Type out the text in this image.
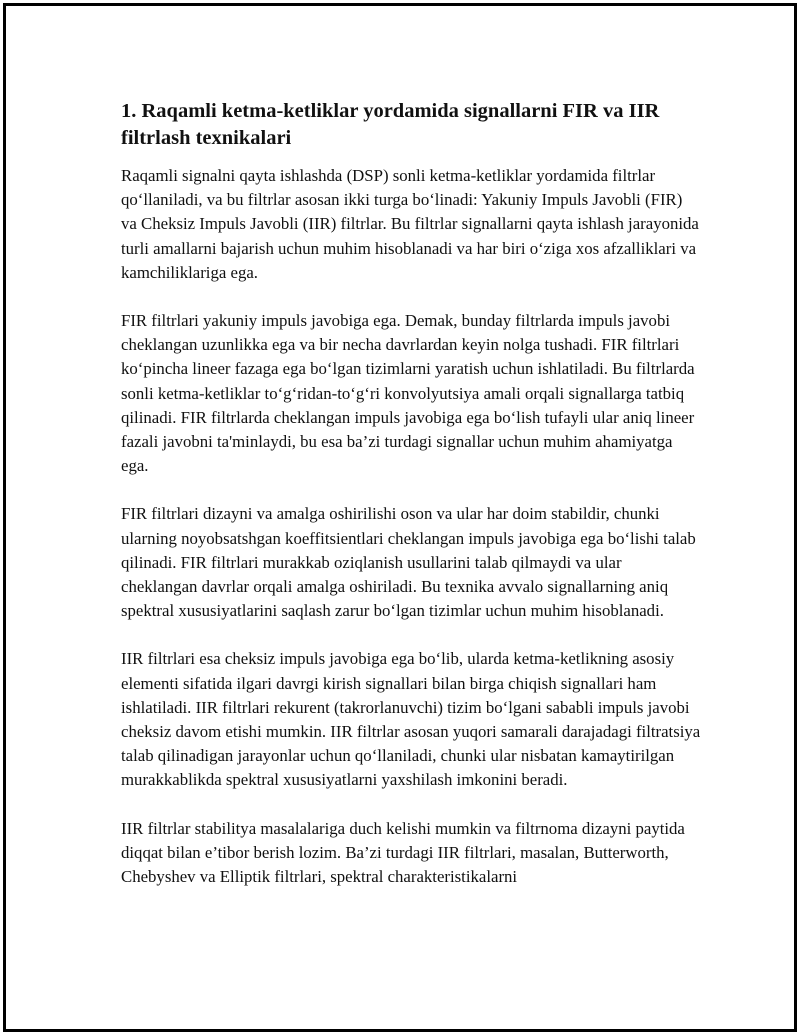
1. Raqamli ketma-ketliklar yordamida signallarni FIR va IIR filtrlash texnikalari

Raqamli signalni qayta ishlashda (DSP) sonli ketma-ketliklar yordamida filtrlar qo‘llaniladi, va bu filtrlar asosan ikki turga bo‘linadi: Yakuniy Impuls Javobli (FIR) va Cheksiz Impuls Javobli (IIR) filtrlar. Bu filtrlar signallarni qayta ishlash jarayonida turli amallarni bajarish uchun muhim hisoblanadi va har biri o‘ziga xos afzalliklari va kamchiliklariga ega.

FIR filtrlari yakuniy impuls javobiga ega. Demak, bunday filtrlarda impuls javobi cheklangan uzunlikka ega va bir necha davrlardan keyin nolga tushadi. FIR filtrlari ko‘pincha lineer fazaga ega bo‘lgan tizimlarni yaratish uchun ishlatiladi. Bu filtrlarda sonli ketma-ketliklar to‘g‘ridan-to‘g‘ri konvolyutsiya amali orqali signallarga tatbiq qilinadi. FIR filtrlarda cheklangan impuls javobiga ega bo‘lish tufayli ular aniq lineer fazali javobni ta'minlaydi, bu esa ba’zi turdagi signallar uchun muhim ahamiyatga ega.

FIR filtrlari dizayni va amalga oshirilishi oson va ular har doim stabildir, chunki ularning noyobsatshgan koeffitsientlari cheklangan impuls javobiga ega bo‘lishi talab qilinadi. FIR filtrlari murakkab oziqlanish usullarini talab qilmaydi va ular cheklangan davrlar orqali amalga oshiriladi. Bu texnika avvalo signallarning aniq spektral xususiyatlarini saqlash zarur bo‘lgan tizimlar uchun muhim hisoblanadi.

IIR filtrlari esa cheksiz impuls javobiga ega bo‘lib, ularda ketma-ketlikning asosiy elementi sifatida ilgari davrgi kirish signallari bilan birga chiqish signallari ham ishlatiladi. IIR filtrlari rekurent (takrorlanuvchi) tizim bo‘lgani sababli impuls javobi cheksiz davom etishi mumkin. IIR filtrlar asosan yuqori samarali darajadagi filtratsiya talab qilinadigan jarayonlar uchun qo‘llaniladi, chunki ular nisbatan kamaytirilgan murakkablikda spektral xususiyatlarni yaxshilash imkonini beradi.

IIR filtrlar stabilitya masalalariga duch kelishi mumkin va filtrnoma dizayni paytida diqqat bilan e’tibor berish lozim. Ba’zi turdagi IIR filtrlari, masalan, Butterworth, Chebyshev va Elliptik filtrlari, spektral charakteristikalarni
